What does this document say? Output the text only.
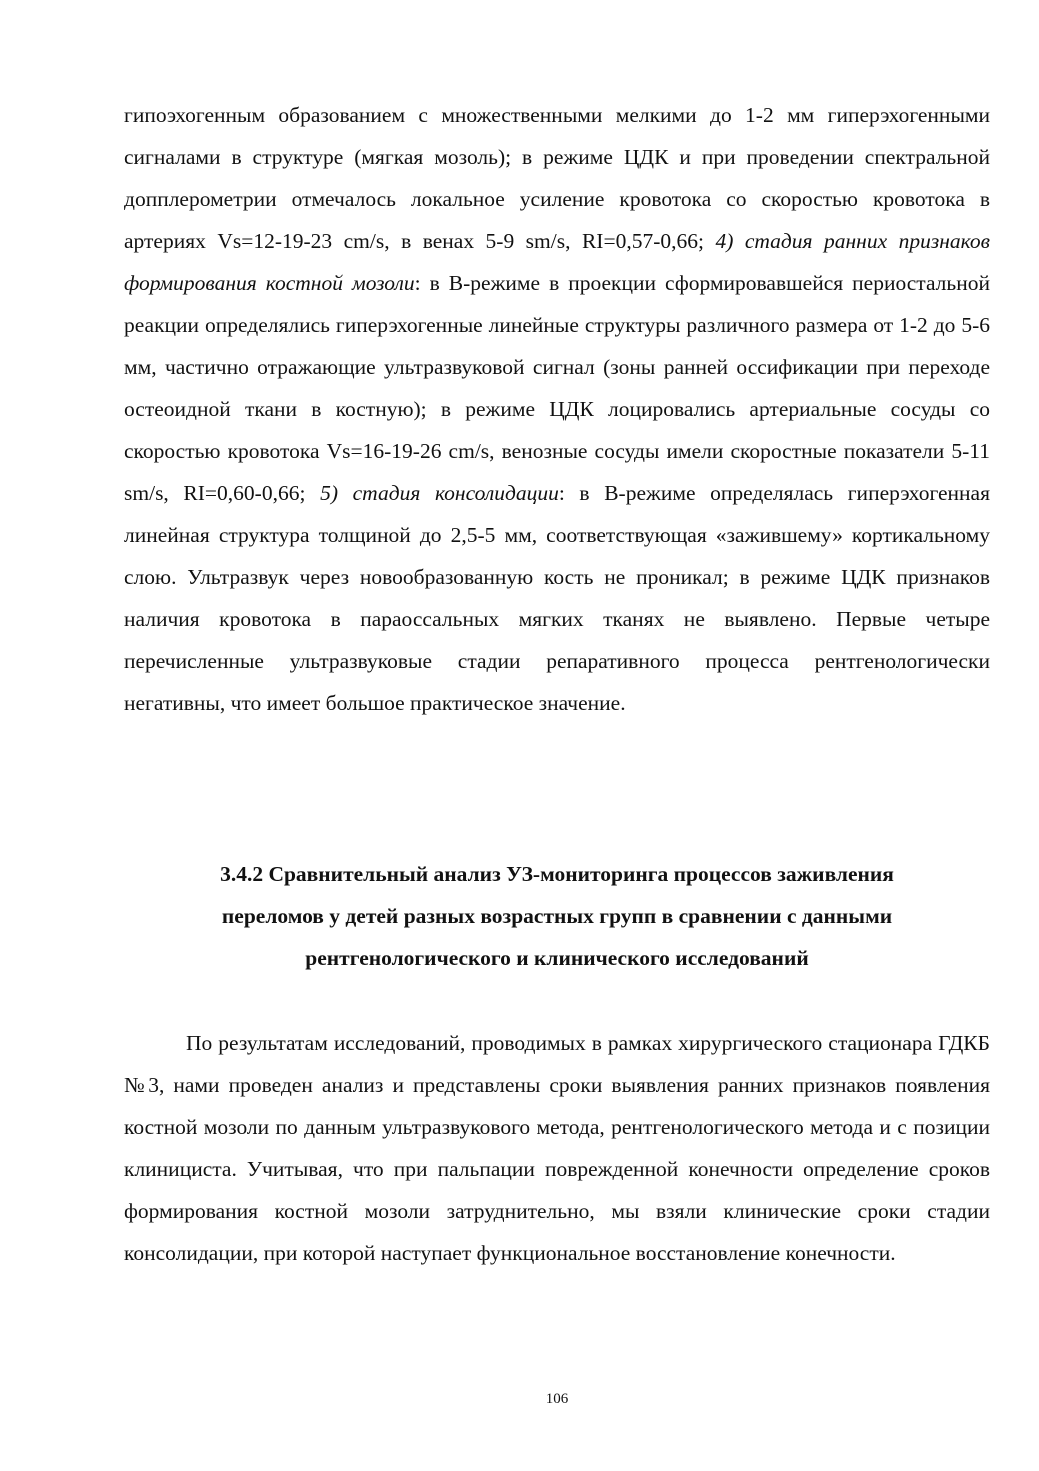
гипоэхогенным образованием с множественными мелкими до 1-2 мм гиперэхогенными сигналами в структуре (мягкая мозоль); в режиме ЦДК и при проведении спектральной допплерометрии отмечалось локальное усиление кровотока со скоростью кровотока в артериях Vs=12-19-23 cm/s, в венах 5-9 sm/s, RI=0,57-0,66; 4) стадия ранних признаков формирования костной мозоли: в В-режиме в проекции сформировавшейся периостальной реакции определялись гиперэхогенные линейные структуры различного размера от 1-2 до 5-6 мм, частично отражающие ультразвуковой сигнал (зоны ранней оссификации при переходе остеоидной ткани в костную); в режиме ЦДК лоцировались артериальные сосуды со скоростью кровотока Vs=16-19-26 cm/s, венозные сосуды имели скоростные показатели 5-11 sm/s, RI=0,60-0,66; 5) стадия консолидации: в В-режиме определялась гиперэхогенная линейная структура толщиной до 2,5-5 мм, соответствующая «зажившему» кортикальному слою. Ультразвук через новообразованную кость не проникал; в режиме ЦДК признаков наличия кровотока в параоссальных мягких тканях не выявлено. Первые четыре перечисленные ультразвуковые стадии репаративного процесса рентгенологически негативны, что имеет большое практическое значение.

3.4.2 Сравнительный анализ УЗ-мониторинга процессов заживления
переломов у детей разных возрастных групп в сравнении с данными
рентгенологического и клинического исследований

По результатам исследований, проводимых в рамках хирургического стационара ГДКБ №3, нами проведен анализ и представлены сроки выявления ранних признаков появления костной мозоли по данным ультразвукового метода, рентгенологического метода и с позиции клинициста. Учитывая, что при пальпации поврежденной конечности определение сроков формирования костной мозоли затруднительно, мы взяли клинические сроки стадии консолидации, при которой наступает функциональное восстановление конечности.

106
